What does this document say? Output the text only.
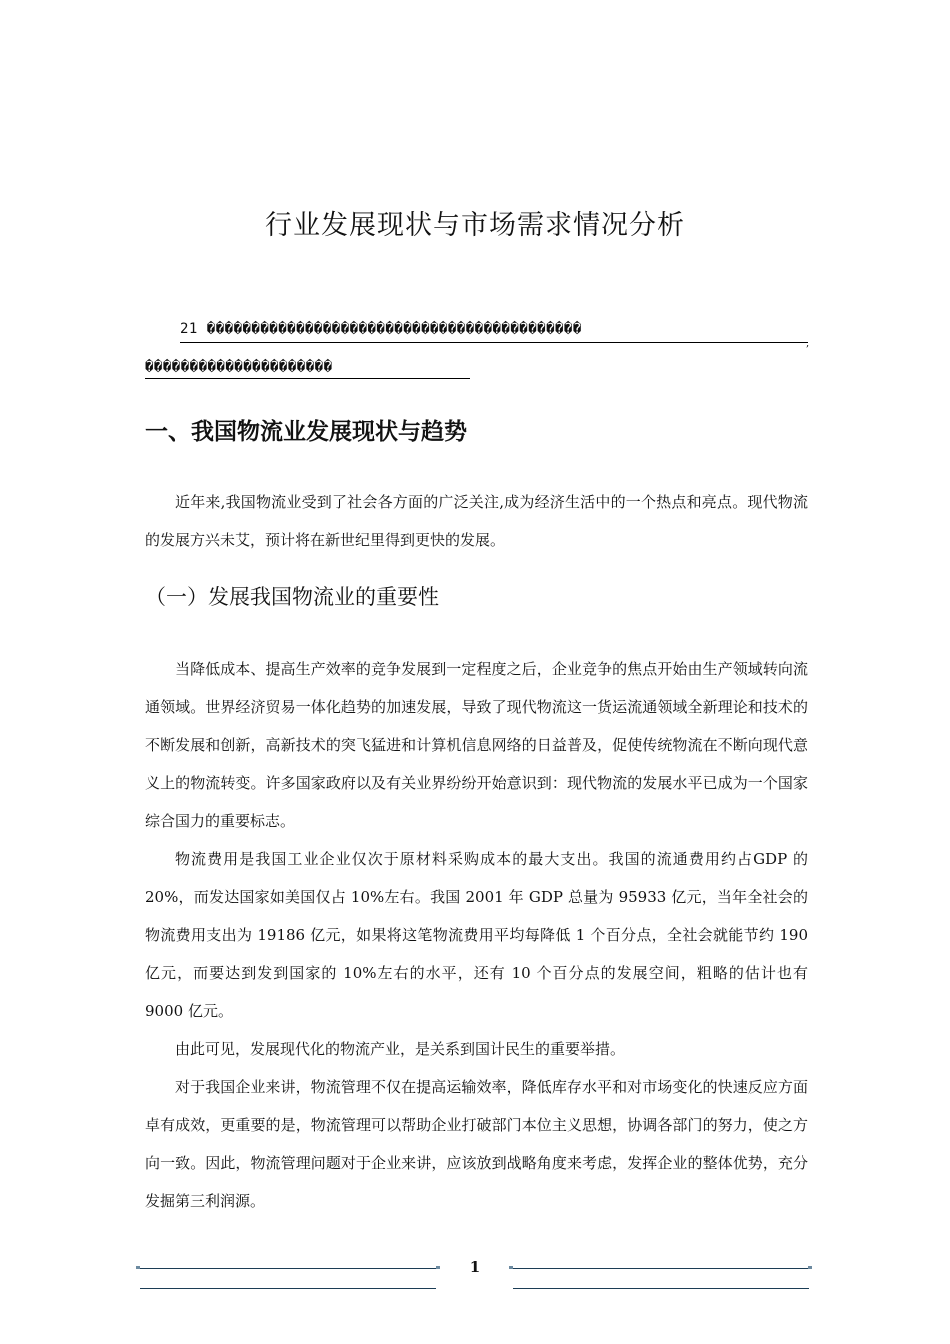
行业发展现状与市场需求情况分析
21 ������������������������������������������
,
���������������������
一、我国物流业发展现状与趋势

近年来,我国物流业受到了社会各方面的广泛关注,成为经济生活中的一个热点和亮点。现代物流的发展方兴未艾，预计将在新世纪里得到更快的发展。

（一）发展我国物流业的重要性

当降低成本、提高生产效率的竞争发展到一定程度之后，企业竞争的焦点开始由生产领域转向流通领域。世界经济贸易一体化趋势的加速发展，导致了现代物流这一货运流通领域全新理论和技术的不断发展和创新，高新技术的突飞猛进和计算机信息网络的日益普及，促使传统物流在不断向现代意义上的物流转变。许多国家政府以及有关业界纷纷开始意识到：现代物流的发展水平已成为一个国家综合国力的重要标志。

物流费用是我国工业企业仅次于原材料采购成本的最大支出。我国的流通费用约占GDP 的 20%，而发达国家如美国仅占 10%左右。我国 2001 年 GDP 总量为 95933 亿元，当年全社会的物流费用支出为 19186 亿元，如果将这笔物流费用平均每降低 1 个百分点，全社会就能节约 190 亿元，而要达到发到国家的 10%左右的水平，还有 10 个百分点的发展空间，粗略的估计也有 9000 亿元。

由此可见，发展现代化的物流产业，是关系到国计民生的重要举措。

对于我国企业来讲，物流管理不仅在提高运输效率，降低库存水平和对市场变化的快速反应方面卓有成效，更重要的是，物流管理可以帮助企业打破部门本位主义思想，协调各部门的努力，使之方向一致。因此，物流管理问题对于企业来讲，应该放到战略角度来考虑，发挥企业的整体优势，充分发掘第三利润源。

1
